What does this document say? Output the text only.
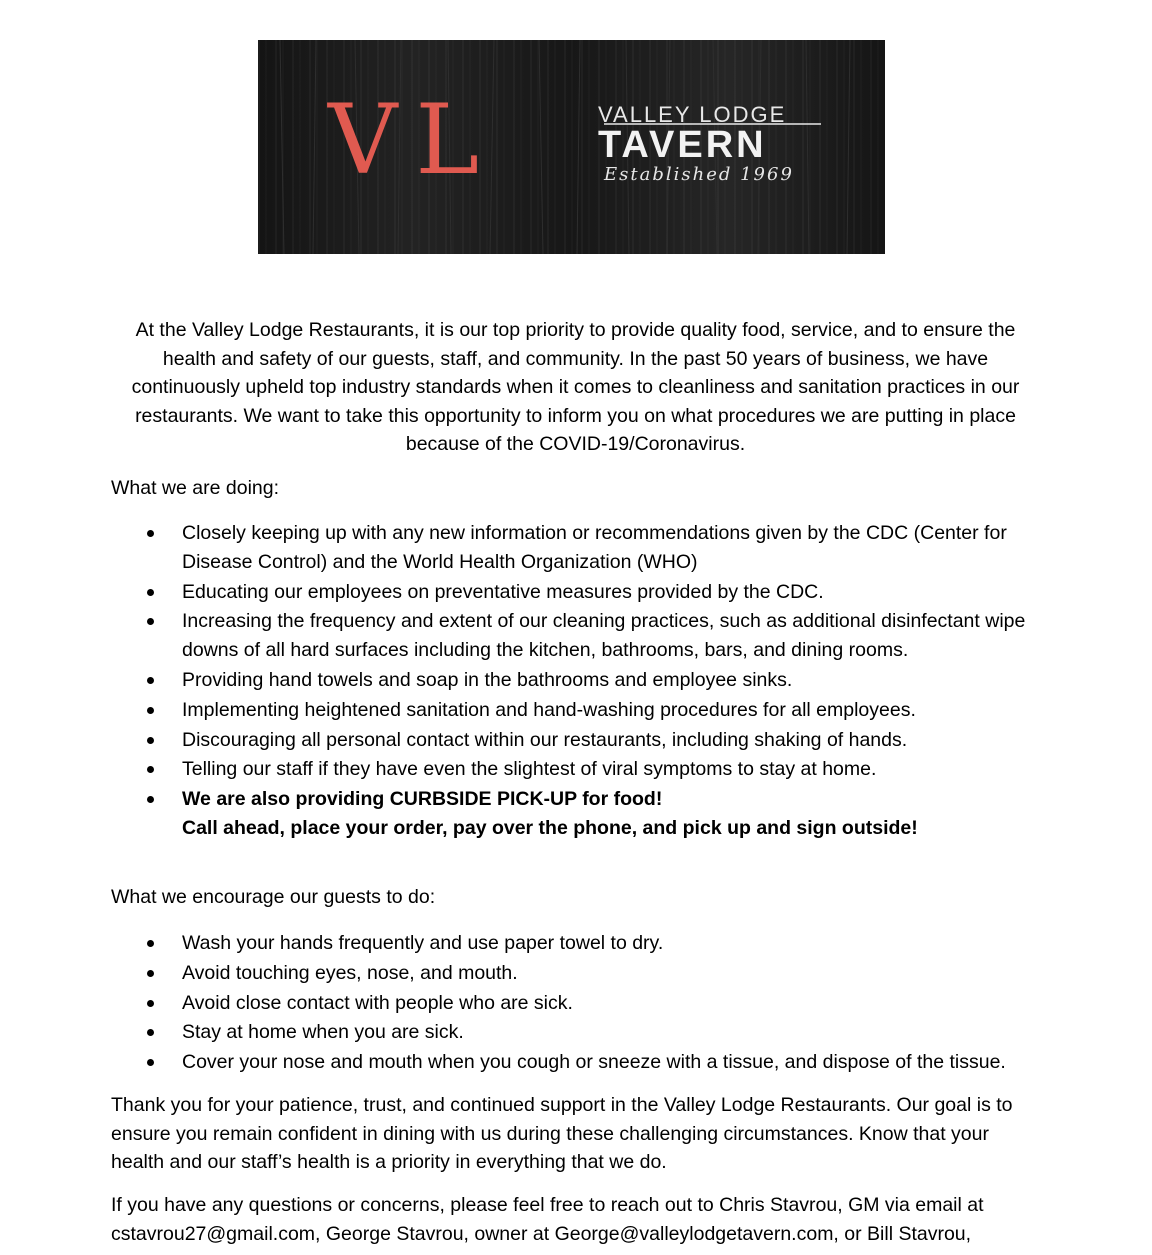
VL	VALLEY LODGE
TAVERN
Established 1969
At the Valley Lodge Restaurants, it is our top priority to provide quality food, service, and to ensure the health and safety of our guests, staff, and community. In the past 50 years of business, we have continuously upheld top industry standards when it comes to cleanliness and sanitation practices in our restaurants. We want to take this opportunity to inform you on what procedures we are putting in place because of the COVID-19/Coronavirus.
What we are doing:
Closely keeping up with any new information or recommendations given by the CDC (Center for Disease Control) and the World Health Organization (WHO)
Educating our employees on preventative measures provided by the CDC.
Increasing the frequency and extent of our cleaning practices, such as additional disinfectant wipe downs of all hard surfaces including the kitchen, bathrooms, bars, and dining rooms.
Providing hand towels and soap in the bathrooms and employee sinks.
Implementing heightened sanitation and hand-washing procedures for all employees.
Discouraging all personal contact within our restaurants, including shaking of hands.
Telling our staff if they have even the slightest of viral symptoms to stay at home.
We are also providing CURBSIDE PICK-UP for food!
Call ahead, place your order, pay over the phone, and pick up and sign outside!
What we encourage our guests to do:
Wash your hands frequently and use paper towel to dry.
Avoid touching eyes, nose, and mouth.
Avoid close contact with people who are sick.
Stay at home when you are sick.
Cover your nose and mouth when you cough or sneeze with a tissue, and dispose of the tissue.
Thank you for your patience, trust, and continued support in the Valley Lodge Restaurants. Our goal is to ensure you remain confident in dining with us during these challenging circumstances. Know that your health and our staff’s health is a priority in everything that we do.
If you have any questions or concerns, please feel free to reach out to Chris Stavrou, GM via email at cstavrou27@gmail.com, George Stavrou, owner at George@valleylodgetavern.com, or Bill Stavrou,
